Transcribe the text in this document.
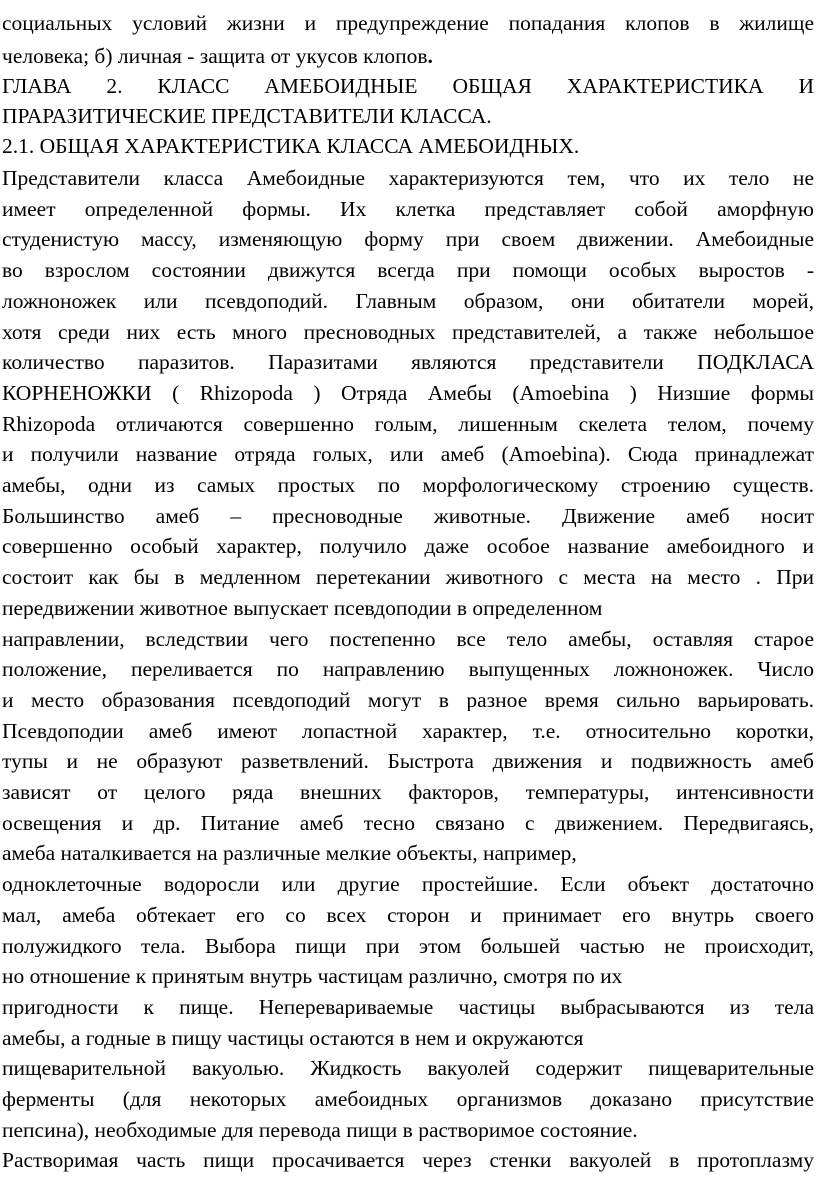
социальных условий жизни и предупреждение попадания клопов в жилище
человека; б) личная - защита от укусов клопов.
ГЛАВА 2. КЛАСС АМЕБОИДНЫЕ ОБЩАЯ ХАРАКТЕРИСТИКА И
ПРАРАЗИТИЧЕСКИЕ ПРЕДСТАВИТЕЛИ КЛАССА.
2.1. ОБЩАЯ ХАРАКТЕРИСТИКА КЛАССА АМЕБОИДНЫХ.
Представители класса Амебоидные характеризуются тем, что их тело не
имеет определенной формы. Их клетка представляет собой аморфную
студенистую массу, изменяющую форму при своем движении. Амебоидные
во взрослом состоянии движутся всегда при помощи особых выростов -
ложноножек или псевдоподий. Главным образом, они обитатели морей,
хотя среди них есть много пресноводных представителей, а также небольшое
количество паразитов. Паразитами являются представители ПОДКЛАСА
КОРНЕНОЖКИ ( Rhizopoda ) Отряда Амебы (Amoebina ) Низшие формы
Rhizopoda отличаются совершенно голым, лишенным скелета телом, почему
и получили название отряда голых, или амеб (Amoebina). Сюда принадлежат
амебы, одни из самых простых по морфологическому строению существ.
Большинство амеб – пресноводные животные. Движение амеб носит
совершенно особый характер, получило даже особое название амебоидного и
состоит как бы в медленном перетекании животного с места на место . При
передвижении животное выпускает псевдоподии в определенном
направлении, вследствии чего постепенно все тело амебы, оставляя старое
положение, переливается по направлению выпущенных ложноножек. Число
и место образования псевдоподий могут в разное время сильно варьировать.
Псевдоподии амеб имеют лопастной характер, т.е. относительно коротки,
тупы и не образуют разветвлений. Быстрота движения и подвижность амеб
зависят от целого ряда внешних факторов, температуры, интенсивности
освещения и др. Питание амеб тесно связано с движением. Передвигаясь,
амеба наталкивается на различные мелкие объекты, например,
одноклеточные водоросли или другие простейшие. Если объект достаточно
мал, амеба обтекает его со всех сторон и принимает его внутрь своего
полужидкого тела. Выбора пищи при этом большей частью не происходит,
но отношение к принятым внутрь частицам различно, смотря по их
пригодности к пище. Неперевариваемые частицы выбрасываются из тела
амебы, а годные в пищу частицы остаются в нем и окружаются
пищеварительной вакуолью. Жидкость вакуолей содержит пищеварительные
ферменты (для некоторых амебоидных организмов доказано присутствие
пепсина), необходимые для перевода пищи в растворимое состояние.
Растворимая часть пищи просачивается через стенки вакуолей в протоплазму
